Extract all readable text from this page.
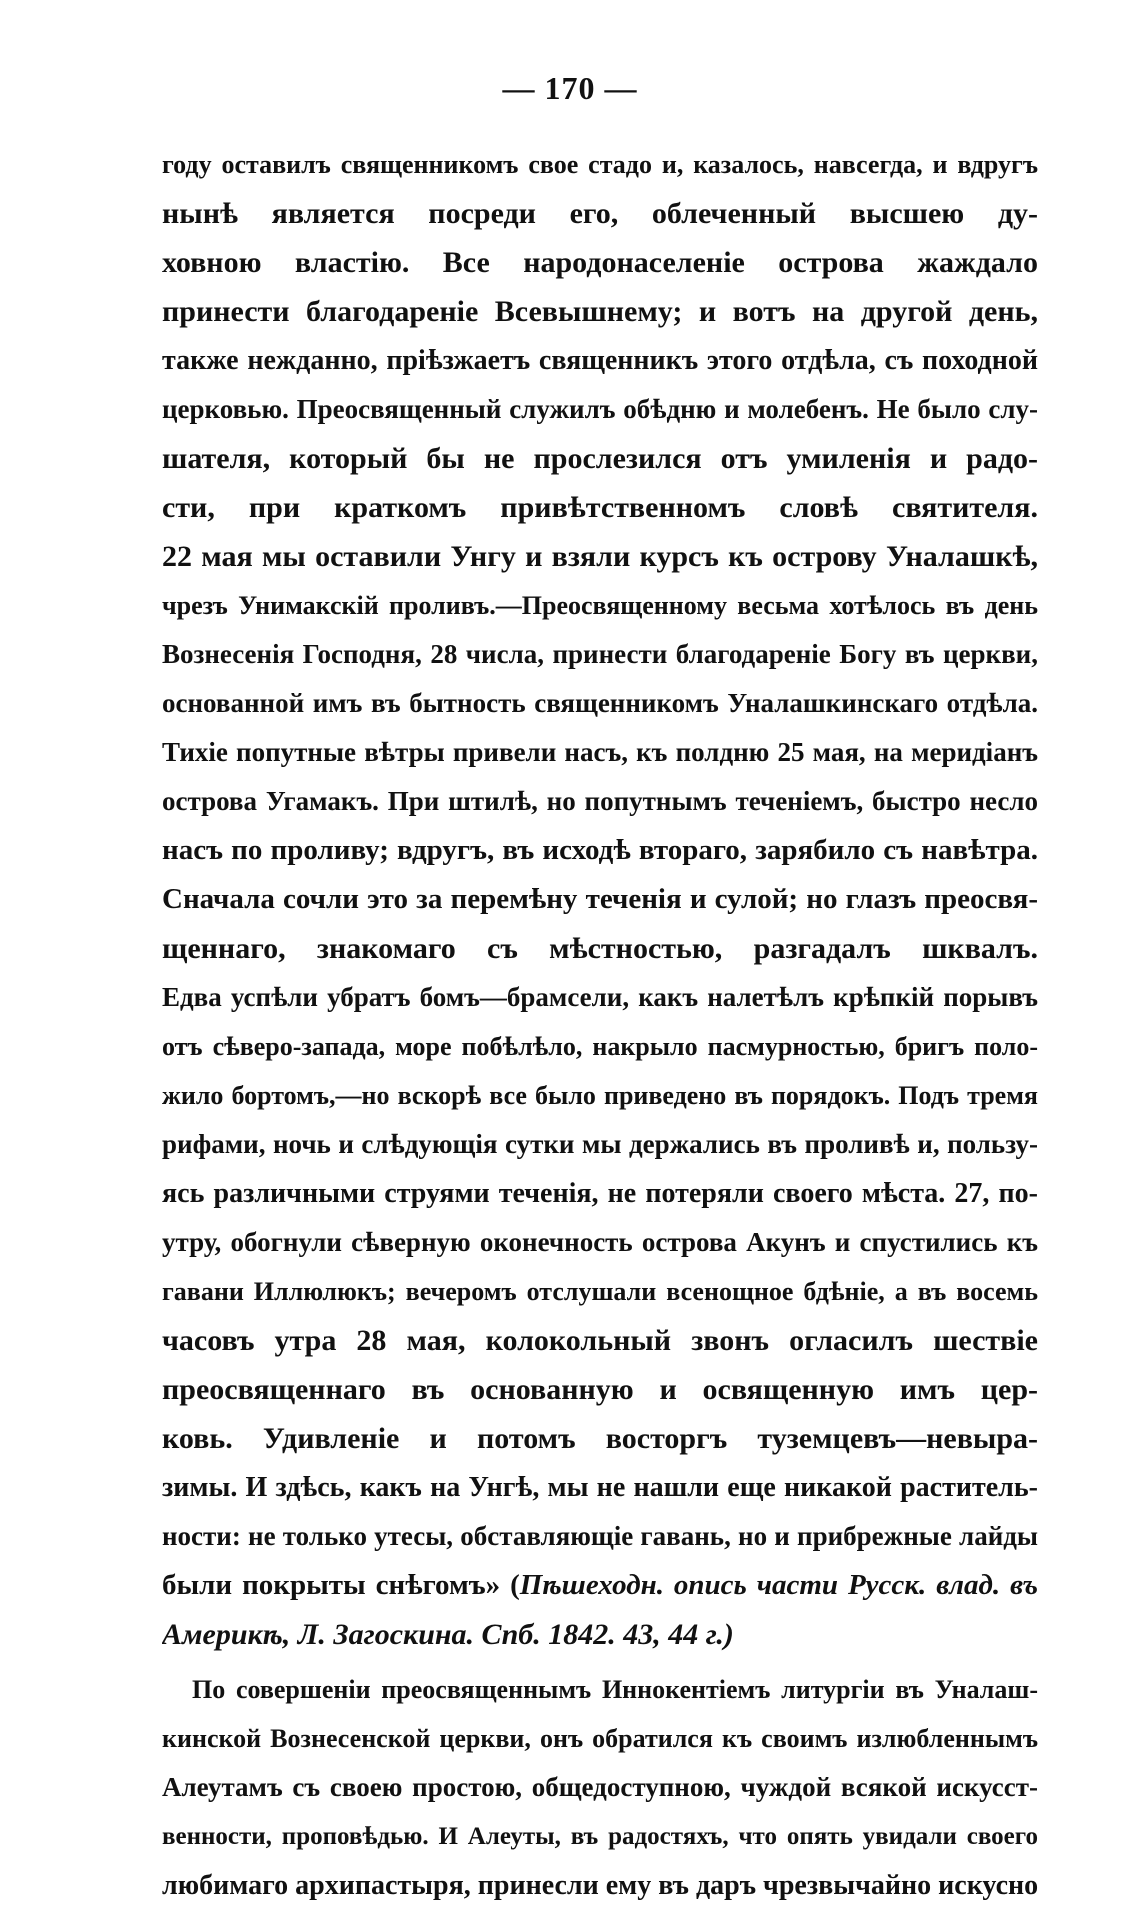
— 170 —
году оставилъ священникомъ свое стадо и, казалось, навсегда, и вдругъ
нынѣ является посреди его, облеченный высшею ду-
ховною властію. Все народонаселеніе острова жаждало
принести благодареніе Всевышнему; и вотъ на другой день,
также нежданно, пріѣзжаетъ священникъ этого отдѣла, съ походной
церковью. Преосвященный служилъ обѣдню и молебенъ. Не было слу-
шателя, который бы не прослезился отъ умиленія и радо-
сти, при краткомъ привѣтственномъ словѣ святителя.
22 мая мы оставили Унгу и взяли курсъ къ острову Уналашкѣ,
чрезъ Унимакскій проливъ.—Преосвященному весьма хотѣлось въ день
Вознесенія Господня, 28 числа, принести благодареніе Богу въ церкви,
основанной имъ въ бытность священникомъ Уналашкинскаго отдѣла.
Тихіе попутные вѣтры привели насъ, къ полдню 25 мая, на меридіанъ
острова Угамакъ. При штилѣ, но попутнымъ теченіемъ, быстро несло
насъ по проливу; вдругъ, въ исходѣ втораго, зарябило съ навѣтра.
Сначала сочли это за перемѣну теченія и сулой; но глазъ преосвя-
щеннаго, знакомаго съ мѣстностью, разгадалъ шквалъ.
Едва успѣли убратъ бомъ—брамсели, какъ налетѣлъ крѣпкій порывъ
отъ сѣверо-запада, море побѣлѣло, накрыло пасмурностью, бригъ поло-
жило бортомъ,—но вскорѣ все было приведено въ порядокъ. Подъ тремя
рифами, ночь и слѣдующія сутки мы держались въ проливѣ и, пользу-
ясь различными струями теченія, не потеряли своего мѣста. 27, по-
утру, обогнули сѣверную оконечность острова Акунъ и спустились къ
гавани Иллюлюкъ; вечеромъ отслушали всенощное бдѣніе, а въ восемь
часовъ утра 28 мая, колокольный звонъ огласилъ шествіе
преосвященнаго въ основанную и освященную имъ цер-
ковь. Удивленіе и потомъ восторгъ туземцевъ—невыра-
зимы. И здѣсь, какъ на Унгѣ, мы не нашли еще никакой раститель-
ности: не только утесы, обставляющіе гавань, но и прибрежные лайды
были покрыты снѣгомъ» (Пѣшеходн. опись части Русск. влад. въ
Америкѣ, Л. Загоскина. Спб. 1842. 43, 44 г.)
По совершеніи преосвященнымъ Иннокентіемъ литургіи въ Уналаш-
кинской Вознесенской церкви, онъ обратился къ своимъ излюбленнымъ
Алеутамъ съ своею простою, общедоступною, чуждой всякой искусст-
венности, проповѣдью. И Алеуты, въ радостяхъ, что опять увидали своего
любимаго архипастыря, принесли ему въ даръ чрезвычайно искусно
